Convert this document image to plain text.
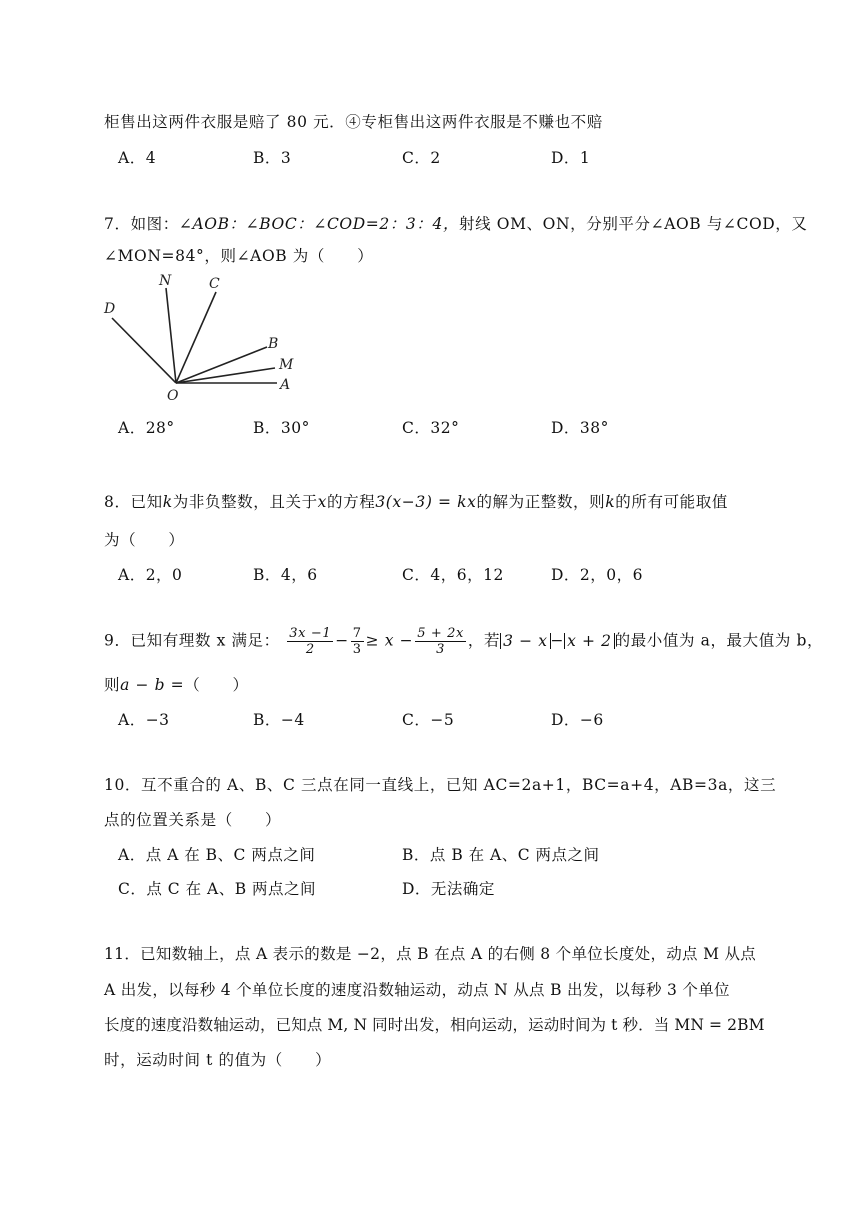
柜售出这两件衣服是赔了 80 元．④专柜售出这两件衣服是不赚也不赔
A．4	B．3	C．2	D．1
7．如图：∠AOB：∠BOC：∠COD=2：3：4，射线 OM、ON，分别平分∠AOB 与∠COD，又
∠MON=84°，则∠AOB 为（　　）
D
N	C
B
M
A
O
A．28°	B．30°	C．32°	D．38°
8．已知k为非负整数，且关于x的方程3(x−3) = kx的解为正整数，则k的所有可能取值
为（　　）
A．2，0	B．4，6	C．4，6，12	D．2，0，6
9．已知有理数 x 满足： $\frac{3x -1}{2} - \frac{7}{3} \ge x - \frac{5 + 2x}{3}$ ，若 3 − x − x + 2 的最小值为 a，最大值为 b，
则a − b =（　　）
A．−3	B．−4	C．−5	D．−6
10．互不重合的 A、B、C 三点在同一直线上，已知 AC=2a+1，BC=a+4，AB=3a，这三
点的位置关系是（　　）
A．点 A 在 B、C 两点之间	B．点 B 在 A、C 两点之间
C．点 C 在 A、B 两点之间	D．无法确定
11．已知数轴上，点 A 表示的数是 −2，点 B 在点 A 的右侧 8 个单位长度处，动点 M 从点
A 出发，以每秒 4 个单位长度的速度沿数轴运动，动点 N 从点 B 出发，以每秒 3 个单位
长度的速度沿数轴运动，已知点 M, N 同时出发，相向运动，运动时间为 t 秒．当 MN = 2BM
时，运动时间 t 的值为（　　）
